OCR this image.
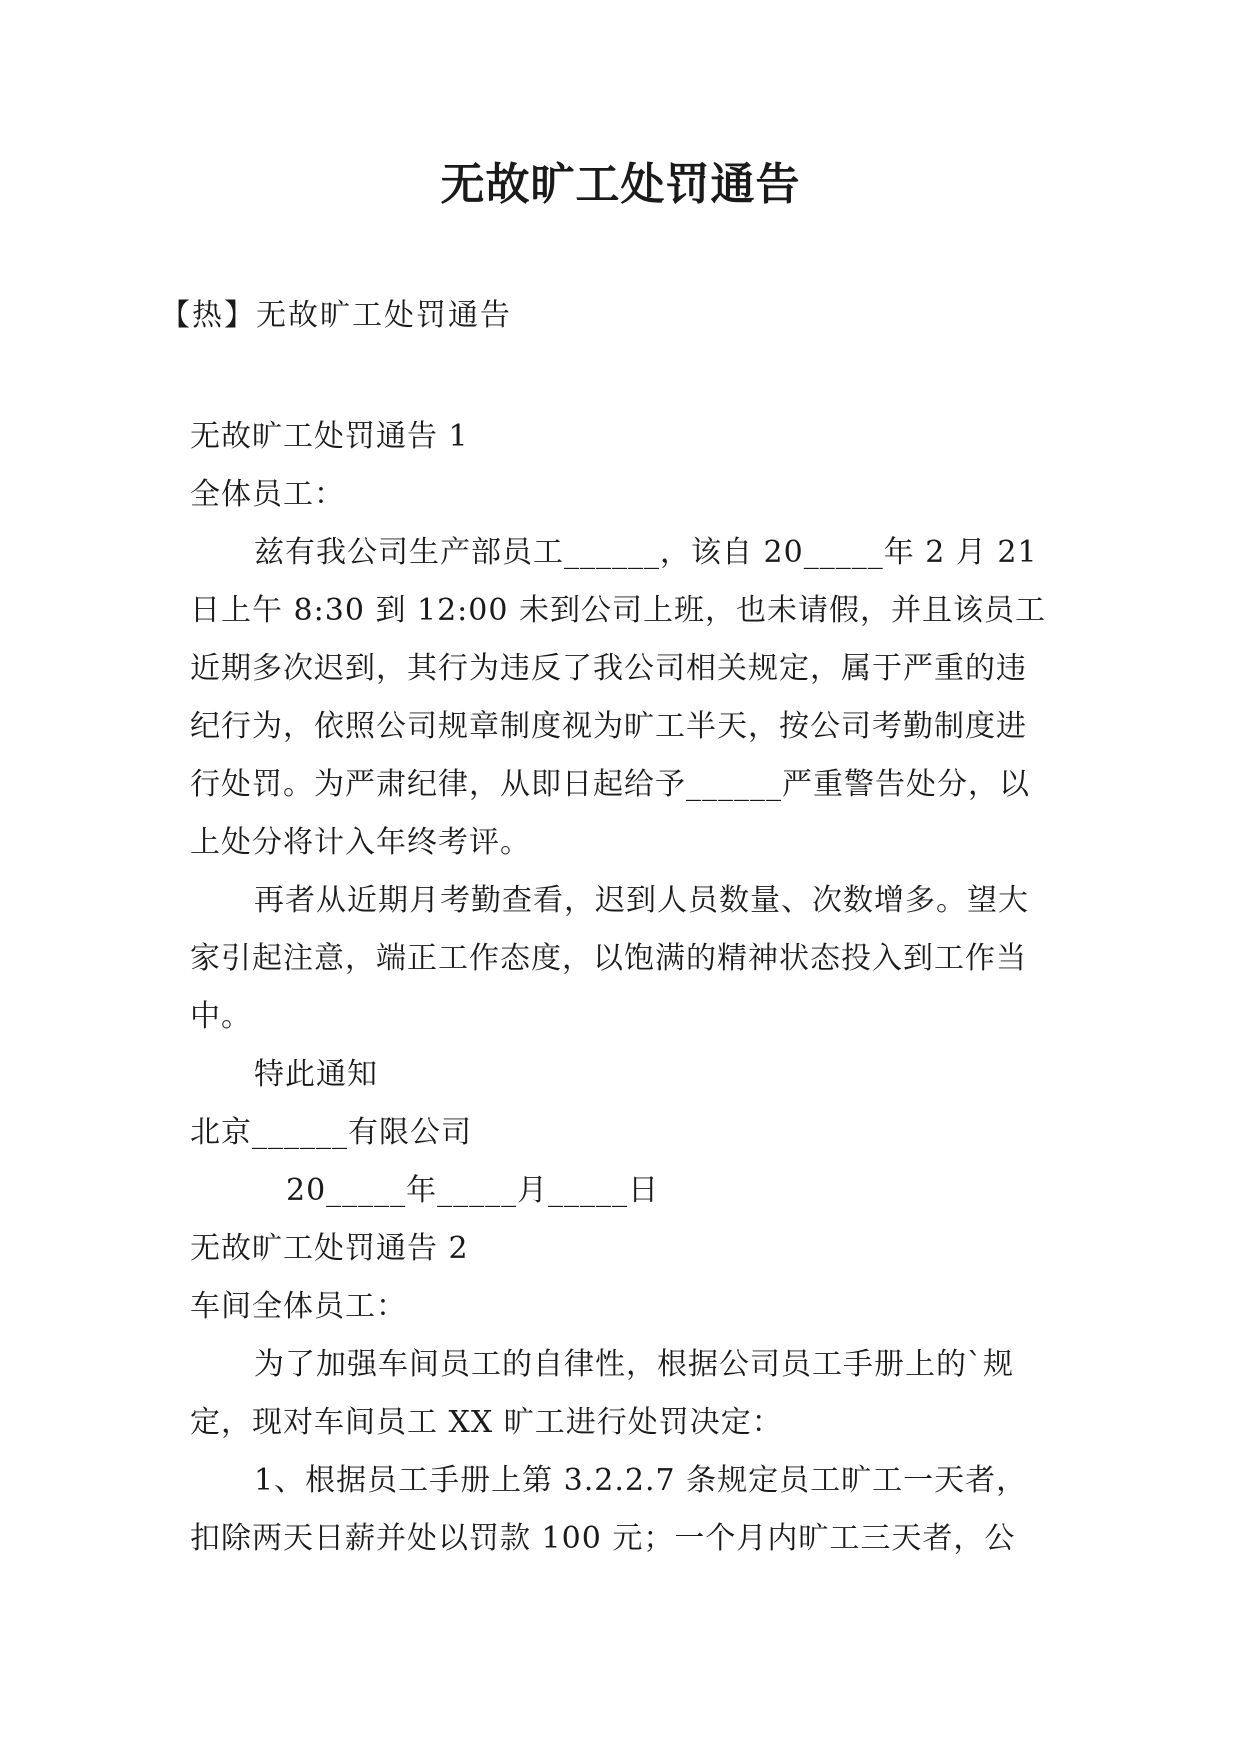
无故旷工处罚通告
【热】无故旷工处罚通告

无故旷工处罚通告 1

全体员工：

兹有我公司生产部员工______，该自 20_____年 2 月 21 日上午 8:30 到 12:00 未到公司上班，也未请假，并且该员工近期多次迟到，其行为违反了我公司相关规定，属于严重的违纪行为，依照公司规章制度视为旷工半天，按公司考勤制度进行处罚。为严肃纪律，从即日起给予______严重警告处分，以上处分将计入年终考评。

再者从近期月考勤查看，迟到人员数量、次数增多。望大家引起注意，端正工作态度，以饱满的精神状态投入到工作当中。

特此通知

北京______有限公司

20_____年_____月_____日

无故旷工处罚通告 2

车间全体员工：

为了加强车间员工的自律性，根据公司员工手册上的`规定，现对车间员工 XX 旷工进行处罚决定：

1、根据员工手册上第 3.2.2.7 条规定员工旷工一天者，扣除两天日薪并处以罚款 100 元；一个月内旷工三天者，公
